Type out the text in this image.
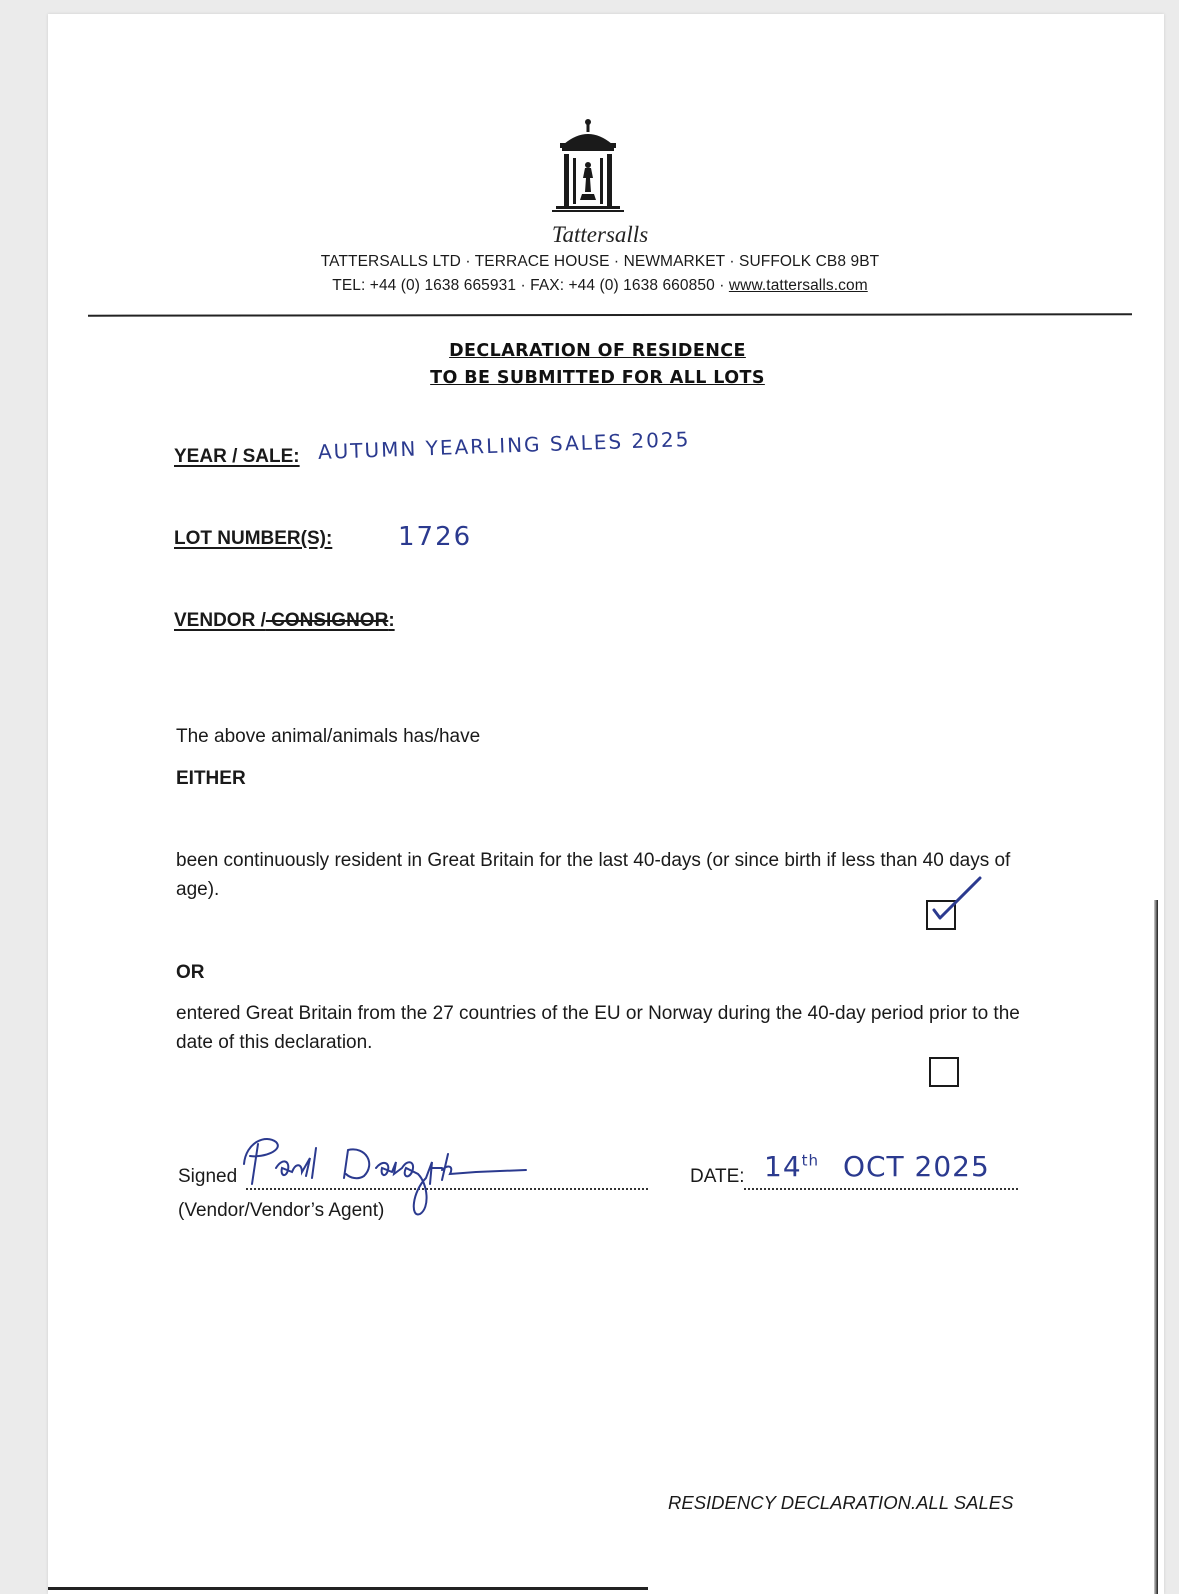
Tattersalls
TATTERSALLS LTD · TERRACE HOUSE · NEWMARKET · SUFFOLK CB8 9BT
TEL: +44 (0) 1638 665931 · FAX: +44 (0) 1638 660850 · www.tattersalls.com
DECLARATION OF RESIDENCE
TO BE SUBMITTED FOR ALL LOTS
YEAR / SALE: AUTUMN YEARLING SALES 2025
LOT NUMBER(S):	1726
VENDOR / CONSIGNOR:
The above animal/animals has/have
EITHER
been continuously resident in Great Britain for the last 40-days (or since birth if less than 40 days of age).
OR
entered Great Britain from the 27 countries of the EU or Norway during the 40-day period prior to the date of this declaration.
Signed
(Vendor/Vendor’s Agent)
DATE: 14th OCT 2025
RESIDENCY DECLARATION.ALL SALES
